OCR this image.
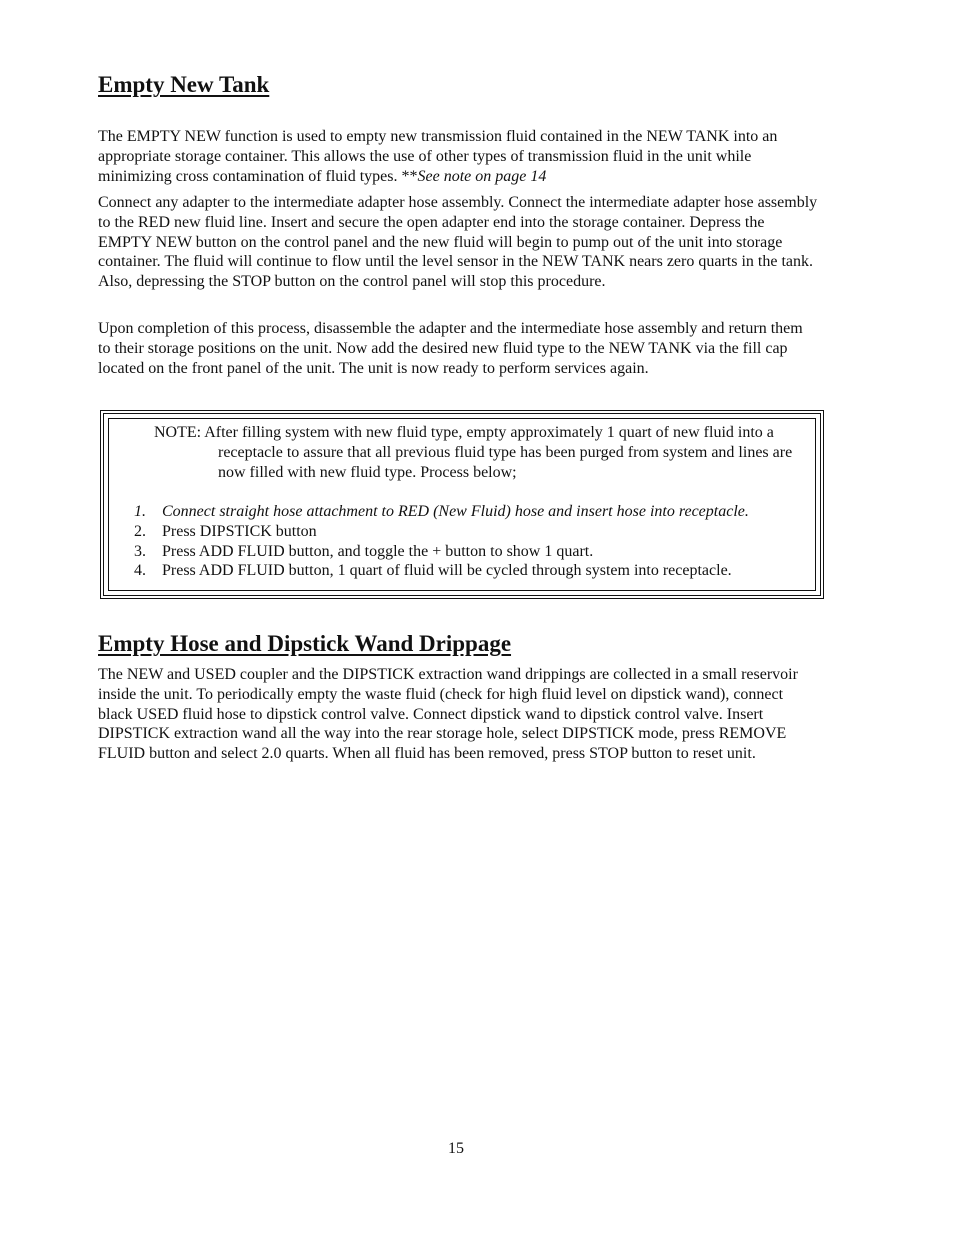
Empty New Tank

The EMPTY NEW function is used to empty new transmission fluid contained in the NEW TANK into an appropriate storage container. This allows the use of other types of transmission fluid in the unit while minimizing cross contamination of fluid types. **See note on page 14

Connect any adapter to the intermediate adapter hose assembly. Connect the intermediate adapter hose assembly to the RED new fluid line. Insert and secure the open adapter end into the storage container. Depress the EMPTY NEW button on the control panel and the new fluid will begin to pump out of the unit into storage container. The fluid will continue to flow until the level sensor in the NEW TANK nears zero quarts in the tank. Also, depressing the STOP button on the control panel will stop this procedure.

Upon completion of this process, disassemble the adapter and the intermediate hose assembly and return them to their storage positions on the unit. Now add the desired new fluid type to the NEW TANK via the fill cap located on the front panel of the unit. The unit is now ready to perform services again.

NOTE: After filling system with new fluid type, empty approximately 1 quart of new fluid into a receptacle to assure that all previous fluid type has been purged from system and lines are now filled with new fluid type. Process below;

1. Connect straight hose attachment to RED (New Fluid) hose and insert hose into receptacle.
2. Press DIPSTICK button
3. Press ADD FLUID button, and toggle the + button to show 1 quart.
4. Press ADD FLUID button, 1 quart of fluid will be cycled through system into receptacle.
Empty Hose and Dipstick Wand Drippage

The NEW and USED coupler and the DIPSTICK extraction wand drippings are collected in a small reservoir inside the unit. To periodically empty the waste fluid (check for high fluid level on dipstick wand), connect black USED fluid hose to dipstick control valve. Connect dipstick wand to dipstick control valve. Insert DIPSTICK extraction wand all the way into the rear storage hole, select DIPSTICK mode, press REMOVE FLUID button and select 2.0 quarts. When all fluid has been removed, press STOP button to reset unit.

15
